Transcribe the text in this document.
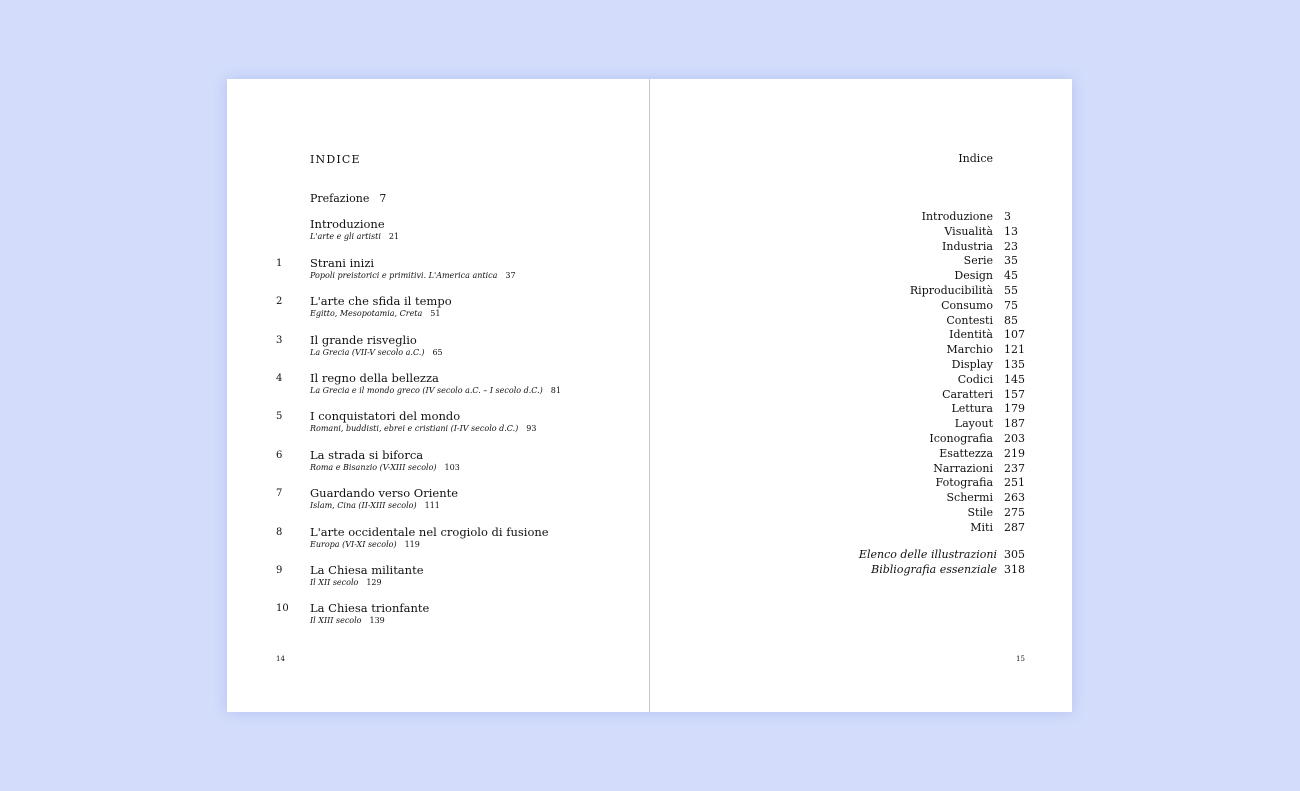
INDICE
Prefazione 7
Introduzione
L'arte e gli artisti 21
1 Strani inizi
Popoli preistorici e primitivi. L'America antica 37
2 L'arte che sfida il tempo
Egitto, Mesopotamia, Creta 51
3 Il grande risveglio
La Grecia (VII-V secolo a.C.) 65
4 Il regno della bellezza
La Grecia e il mondo greco (IV secolo a.C. – I secolo d.C.) 81
5 I conquistatori del mondo
Romani, buddisti, ebrei e cristiani (I-IV secolo d.C.) 93
6 La strada si biforca
Roma e Bisanzio (V-XIII secolo) 103
7 Guardando verso Oriente
Islam, Cina (II-XIII secolo) 111
8 L'arte occidentale nel crogiolo di fusione
Europa (VI-XI secolo) 119
9 La Chiesa militante
Il XII secolo 129
10 La Chiesa trionfante
Il XIII secolo 139
14
Indice
Introduzione 3
Visualità 13
Industria 23
Serie 35
Design 45
Riproducibilità 55
Consumo 75
Contesti 85
Identità 107
Marchio 121
Display 135
Codici 145
Caratteri 157
Lettura 179
Layout 187
Iconografia 203
Esattezza 219
Narrazioni 237
Fotografia 251
Schermi 263
Stile 275
Miti 287
Elenco delle illustrazioni 305
Bibliografia essenziale 318
15
